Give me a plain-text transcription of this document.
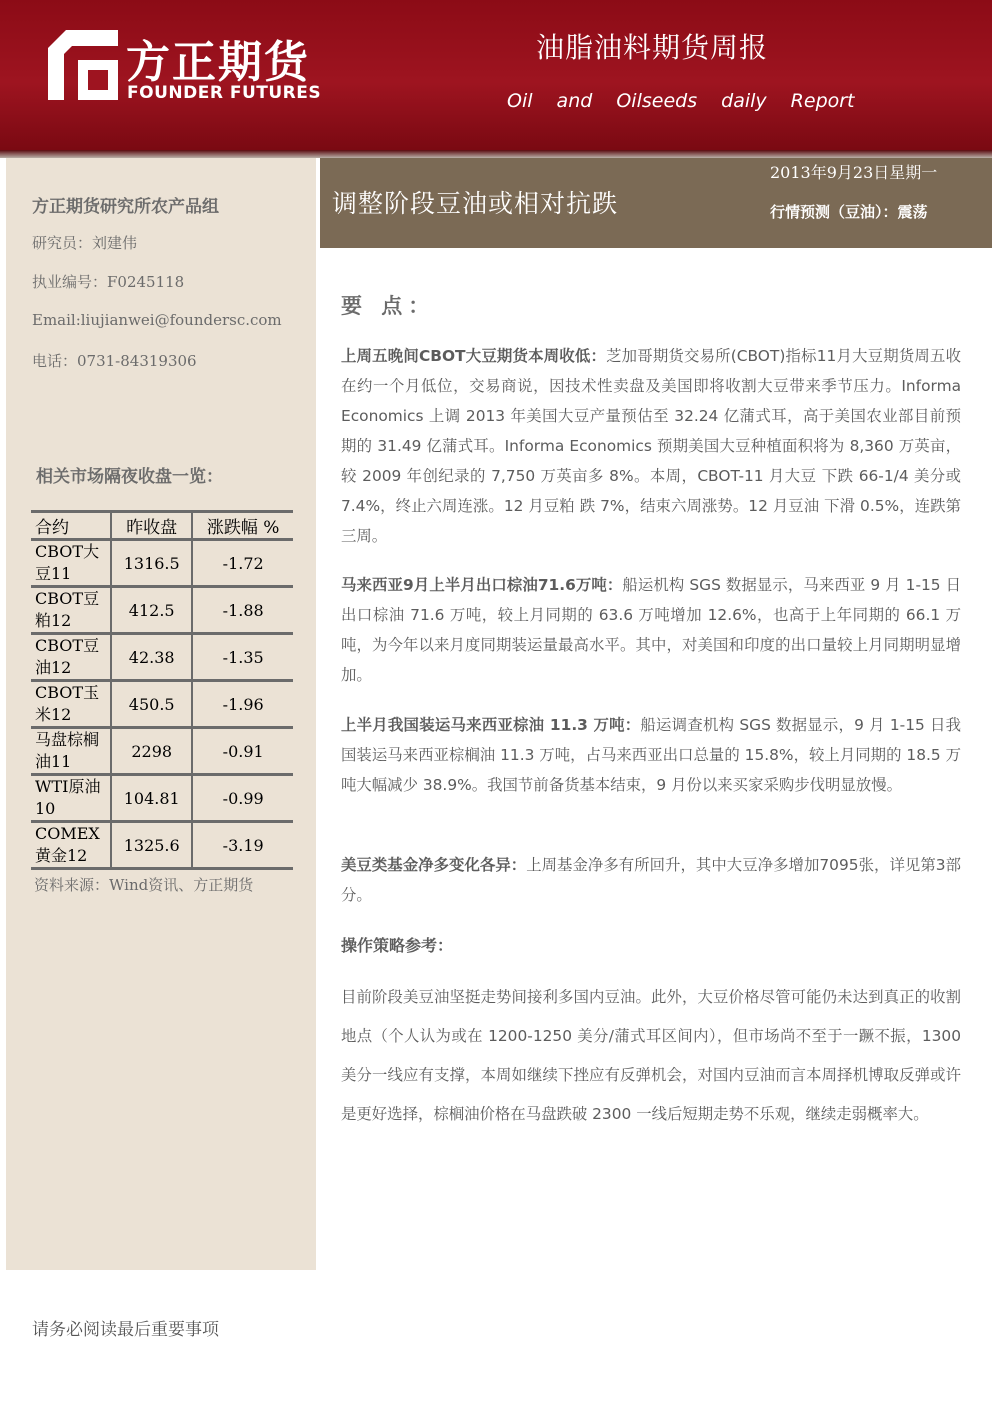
方正期货
FOUNDER FUTURES
油脂油料期货周报
Oil and Oilseeds daily Report
方正期货研究所农产品组
研究员：刘建伟
执业编号：F0245118
Email:liujianwei@foundersc.com
电话：0731-84319306
相关市场隔夜收盘一览：
合约	昨收盘	涨跌幅 %
CBOT大豆11	1316.5	-1.72
CBOT豆粕12	412.5	-1.88
CBOT豆油12	42.38	-1.35
CBOT玉米12	450.5	-1.96
马盘棕榈油11	2298	-0.91
WTI原油10	104.81	-0.99
COMEX黄金12	1325.6	-3.19
资料来源：Wind资讯、方正期货
调整阶段豆油或相对抗跌
2013年9月23日星期一
行情预测（豆油）：震荡
要 点：
上周五晚间CBOT大豆期货本周收低：芝加哥期货交易所(CBOT)指标11月大豆期货周五收在约一个月低位，交易商说，因技术性卖盘及美国即将收割大豆带来季节压力。Informa Economics 上调 2013 年美国大豆产量预估至 32.24 亿蒲式耳，高于美国农业部目前预期的 31.49 亿蒲式耳。Informa Economics 预期美国大豆种植面积将为 8,360 万英亩，较 2009 年创纪录的 7,750 万英亩多 8%。本周，CBOT-11 月大豆 下跌 66-1/4 美分或 7.4%，终止六周连涨。12 月豆粕 跌 7%，结束六周涨势。12 月豆油 下滑 0.5%，连跌第三周。
马来西亚9月上半月出口棕油71.6万吨：船运机构 SGS 数据显示，马来西亚 9 月 1-15 日出口棕油 71.6 万吨，较上月同期的 63.6 万吨增加 12.6%，也高于上年同期的 66.1 万吨，为今年以来月度同期装运量最高水平。其中，对美国和印度的出口量较上月同期明显增加。
上半月我国装运马来西亚棕油 11.3 万吨：船运调查机构 SGS 数据显示，9 月 1-15 日我国装运马来西亚棕榈油 11.3 万吨，占马来西亚出口总量的 15.8%，较上月同期的 18.5 万吨大幅减少 38.9%。我国节前备货基本结束，9 月份以来买家采购步伐明显放慢。
美豆类基金净多变化各异：上周基金净多有所回升，其中大豆净多增加7095张，详见第3部分。
操作策略参考：
目前阶段美豆油坚挺走势间接利多国内豆油。此外，大豆价格尽管可能仍未达到真正的收割地点（个人认为或在 1200-1250 美分/蒲式耳区间内），但市场尚不至于一蹶不振，1300 美分一线应有支撑，本周如继续下挫应有反弹机会，对国内豆油而言本周择机博取反弹或许是更好选择，棕榈油价格在马盘跌破 2300 一线后短期走势不乐观，继续走弱概率大。
请务必阅读最后重要事项
